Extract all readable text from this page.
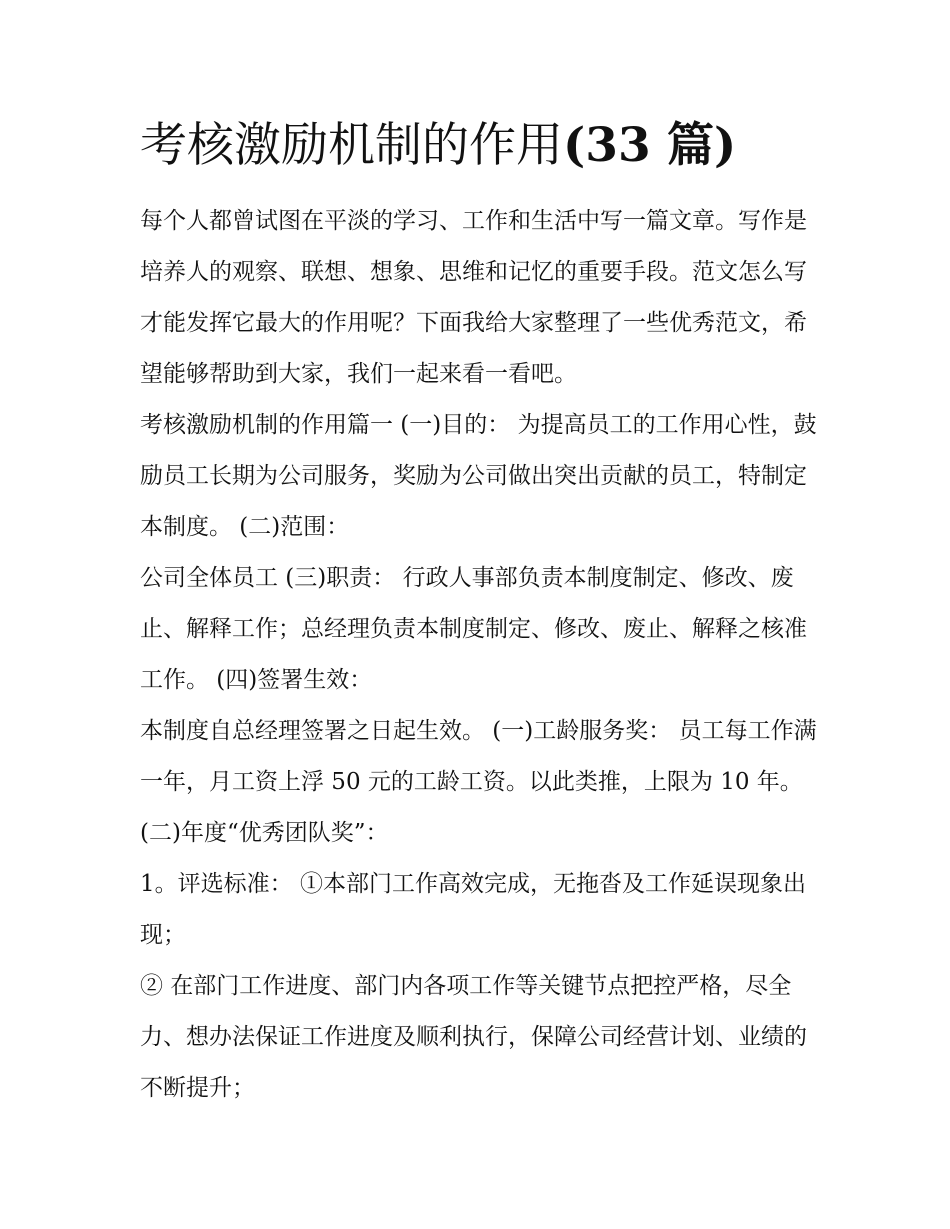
考核激励机制的作用(33 篇)

每个人都曾试图在平淡的学习、工作和生活中写一篇文章。写作是培养人的观察、联想、想象、思维和记忆的重要手段。范文怎么写才能发挥它最大的作用呢？下面我给大家整理了一些优秀范文，希望能够帮助到大家，我们一起来看一看吧。

考核激励机制的作用篇一 (一)目的： 为提高员工的工作用心性，鼓励员工长期为公司服务，奖励为公司做出突出贡献的员工，特制定本制度。 (二)范围：

公司全体员工 (三)职责： 行政人事部负责本制度制定、修改、废止、解释工作；总经理负责本制度制定、修改、废止、解释之核准工作。 (四)签署生效：

本制度自总经理签署之日起生效。 (一)工龄服务奖： 员工每工作满一年，月工资上浮 50 元的工龄工资。以此类推，上限为 10 年。 (二)年度“优秀团队奖”：

1。评选标准： ①本部门工作高效完成，无拖沓及工作延误现象出现；

② 在部门工作进度、部门内各项工作等关键节点把控严格，尽全力、想办法保证工作进度及顺利执行，保障公司经营计划、业绩的不断提升；
